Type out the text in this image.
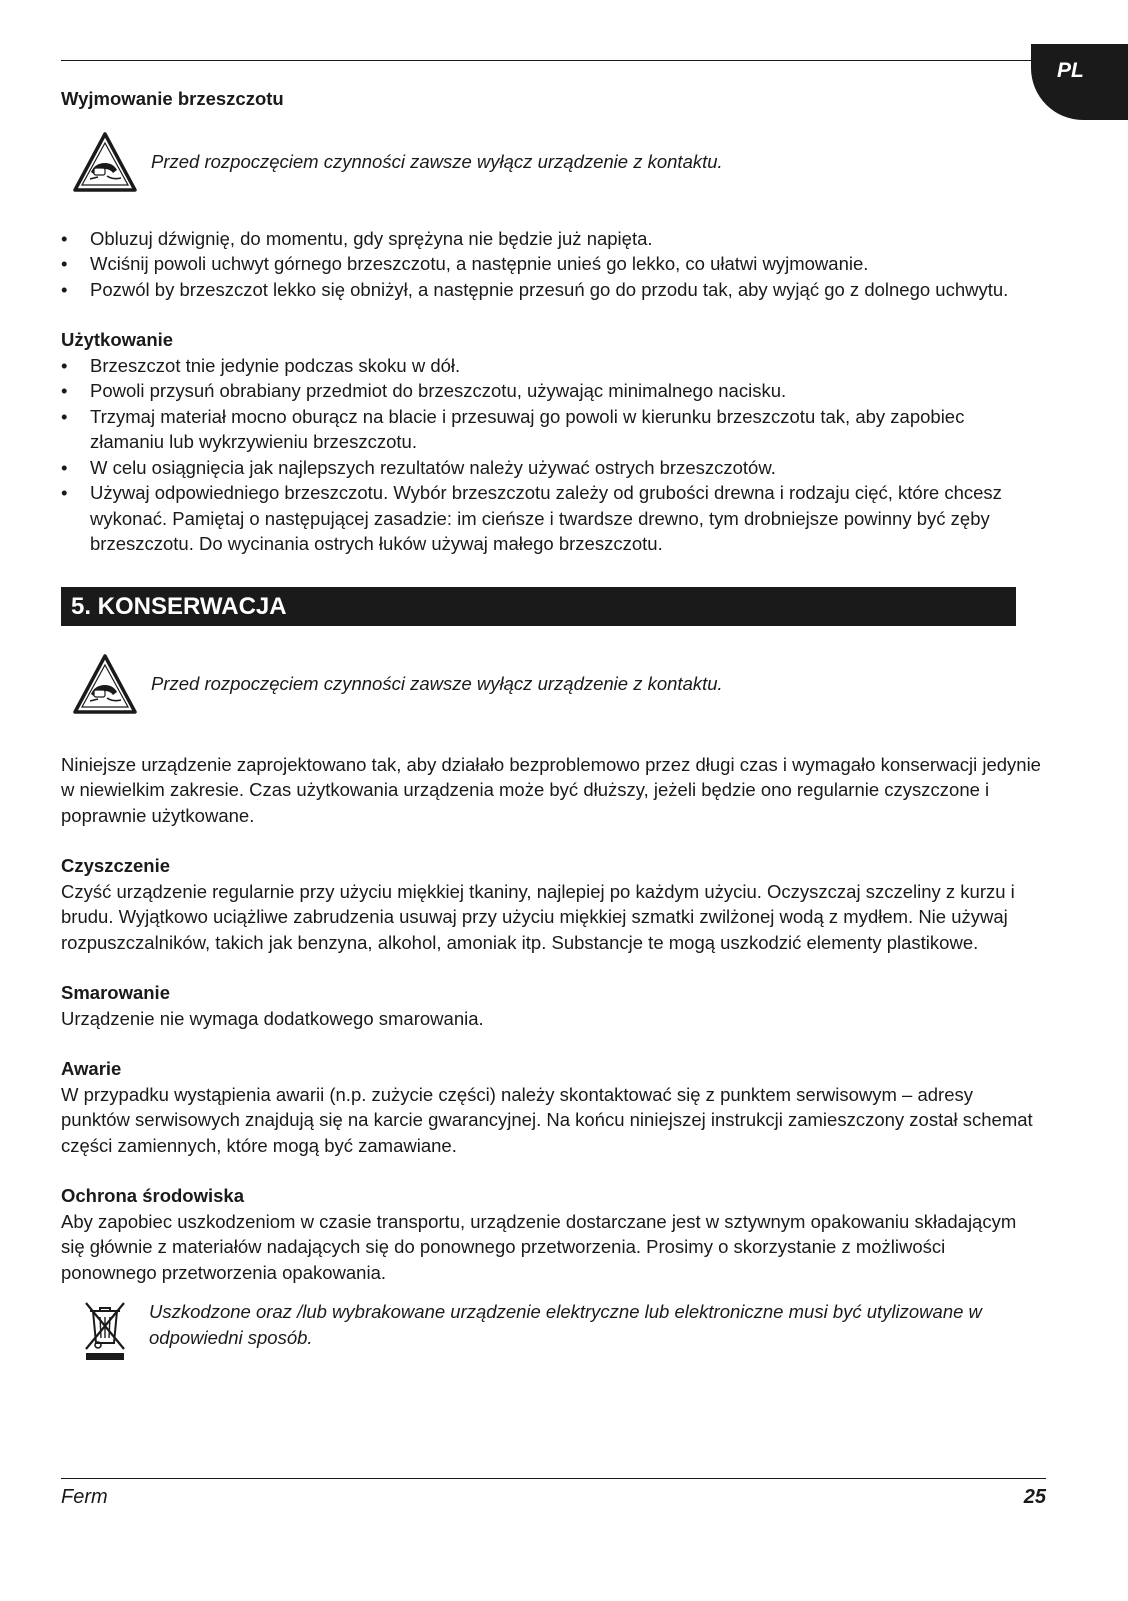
PL
Wyjmowanie brzeszczotu
Przed rozpoczęciem czynności zawsze wyłącz urządzenie z kontaktu.
• Obluzuj dźwignię, do momentu, gdy sprężyna nie będzie już napięta.
• Wciśnij powoli uchwyt górnego brzeszczotu, a następnie unieś go lekko, co ułatwi wyjmowanie.
• Pozwól by brzeszczot lekko się obniżył, a następnie przesuń go do przodu tak, aby wyjąć go z dolnego uchwytu.
Użytkowanie
• Brzeszczot tnie jedynie podczas skoku w dół.
• Powoli przysuń obrabiany przedmiot do brzeszczotu, używając minimalnego nacisku.
• Trzymaj materiał mocno oburącz na blacie i przesuwaj go powoli w kierunku brzeszczotu tak, aby zapobiec złamaniu lub wykrzywieniu brzeszczotu.
• W celu osiągnięcia jak najlepszych rezultatów należy używać ostrych brzeszczotów.
• Używaj odpowiedniego brzeszczotu. Wybór brzeszczotu zależy od grubości drewna i rodzaju cięć, które chcesz wykonać. Pamiętaj o następującej zasadzie: im cieńsze i twardsze drewno, tym drobniejsze powinny być zęby brzeszczotu. Do wycinania ostrych łuków używaj małego brzeszczotu.
5. KONSERWACJA
Przed rozpoczęciem czynności zawsze wyłącz urządzenie z kontaktu.

Niniejsze urządzenie zaprojektowano tak, aby działało bezproblemowo przez długi czas i wymagało konserwacji jedynie w niewielkim zakresie. Czas użytkowania urządzenia może być dłuższy, jeżeli będzie ono regularnie czyszczone i poprawnie użytkowane.

Czyszczenie

Czyść urządzenie regularnie przy użyciu miękkiej tkaniny, najlepiej po każdym użyciu. Oczyszczaj szczeliny z kurzu i brudu. Wyjątkowo uciążliwe zabrudzenia usuwaj przy użyciu miękkiej szmatki zwilżonej wodą z mydłem. Nie używaj rozpuszczalników, takich jak benzyna, alkohol, amoniak itp. Substancje te mogą uszkodzić elementy plastikowe.

Smarowanie

Urządzenie nie wymaga dodatkowego smarowania.

Awarie

W przypadku wystąpienia awarii (n.p. zużycie części) należy skontaktować się z punktem serwisowym – adresy punktów serwisowych znajdują się na karcie gwarancyjnej. Na końcu niniejszej instrukcji zamieszczony został schemat części zamiennych, które mogą być zamawiane.

Ochrona środowiska

Aby zapobiec uszkodzeniom w czasie transportu, urządzenie dostarczane jest w sztywnym opakowaniu składającym się głównie z materiałów nadających się do ponownego przetworzenia. Prosimy o skorzystanie z możliwości ponownego przetworzenia opakowania.

Uszkodzone oraz /lub wybrakowane urządzenie elektryczne lub elektroniczne musi być utylizowane w odpowiedni sposób.
Ferm	25
